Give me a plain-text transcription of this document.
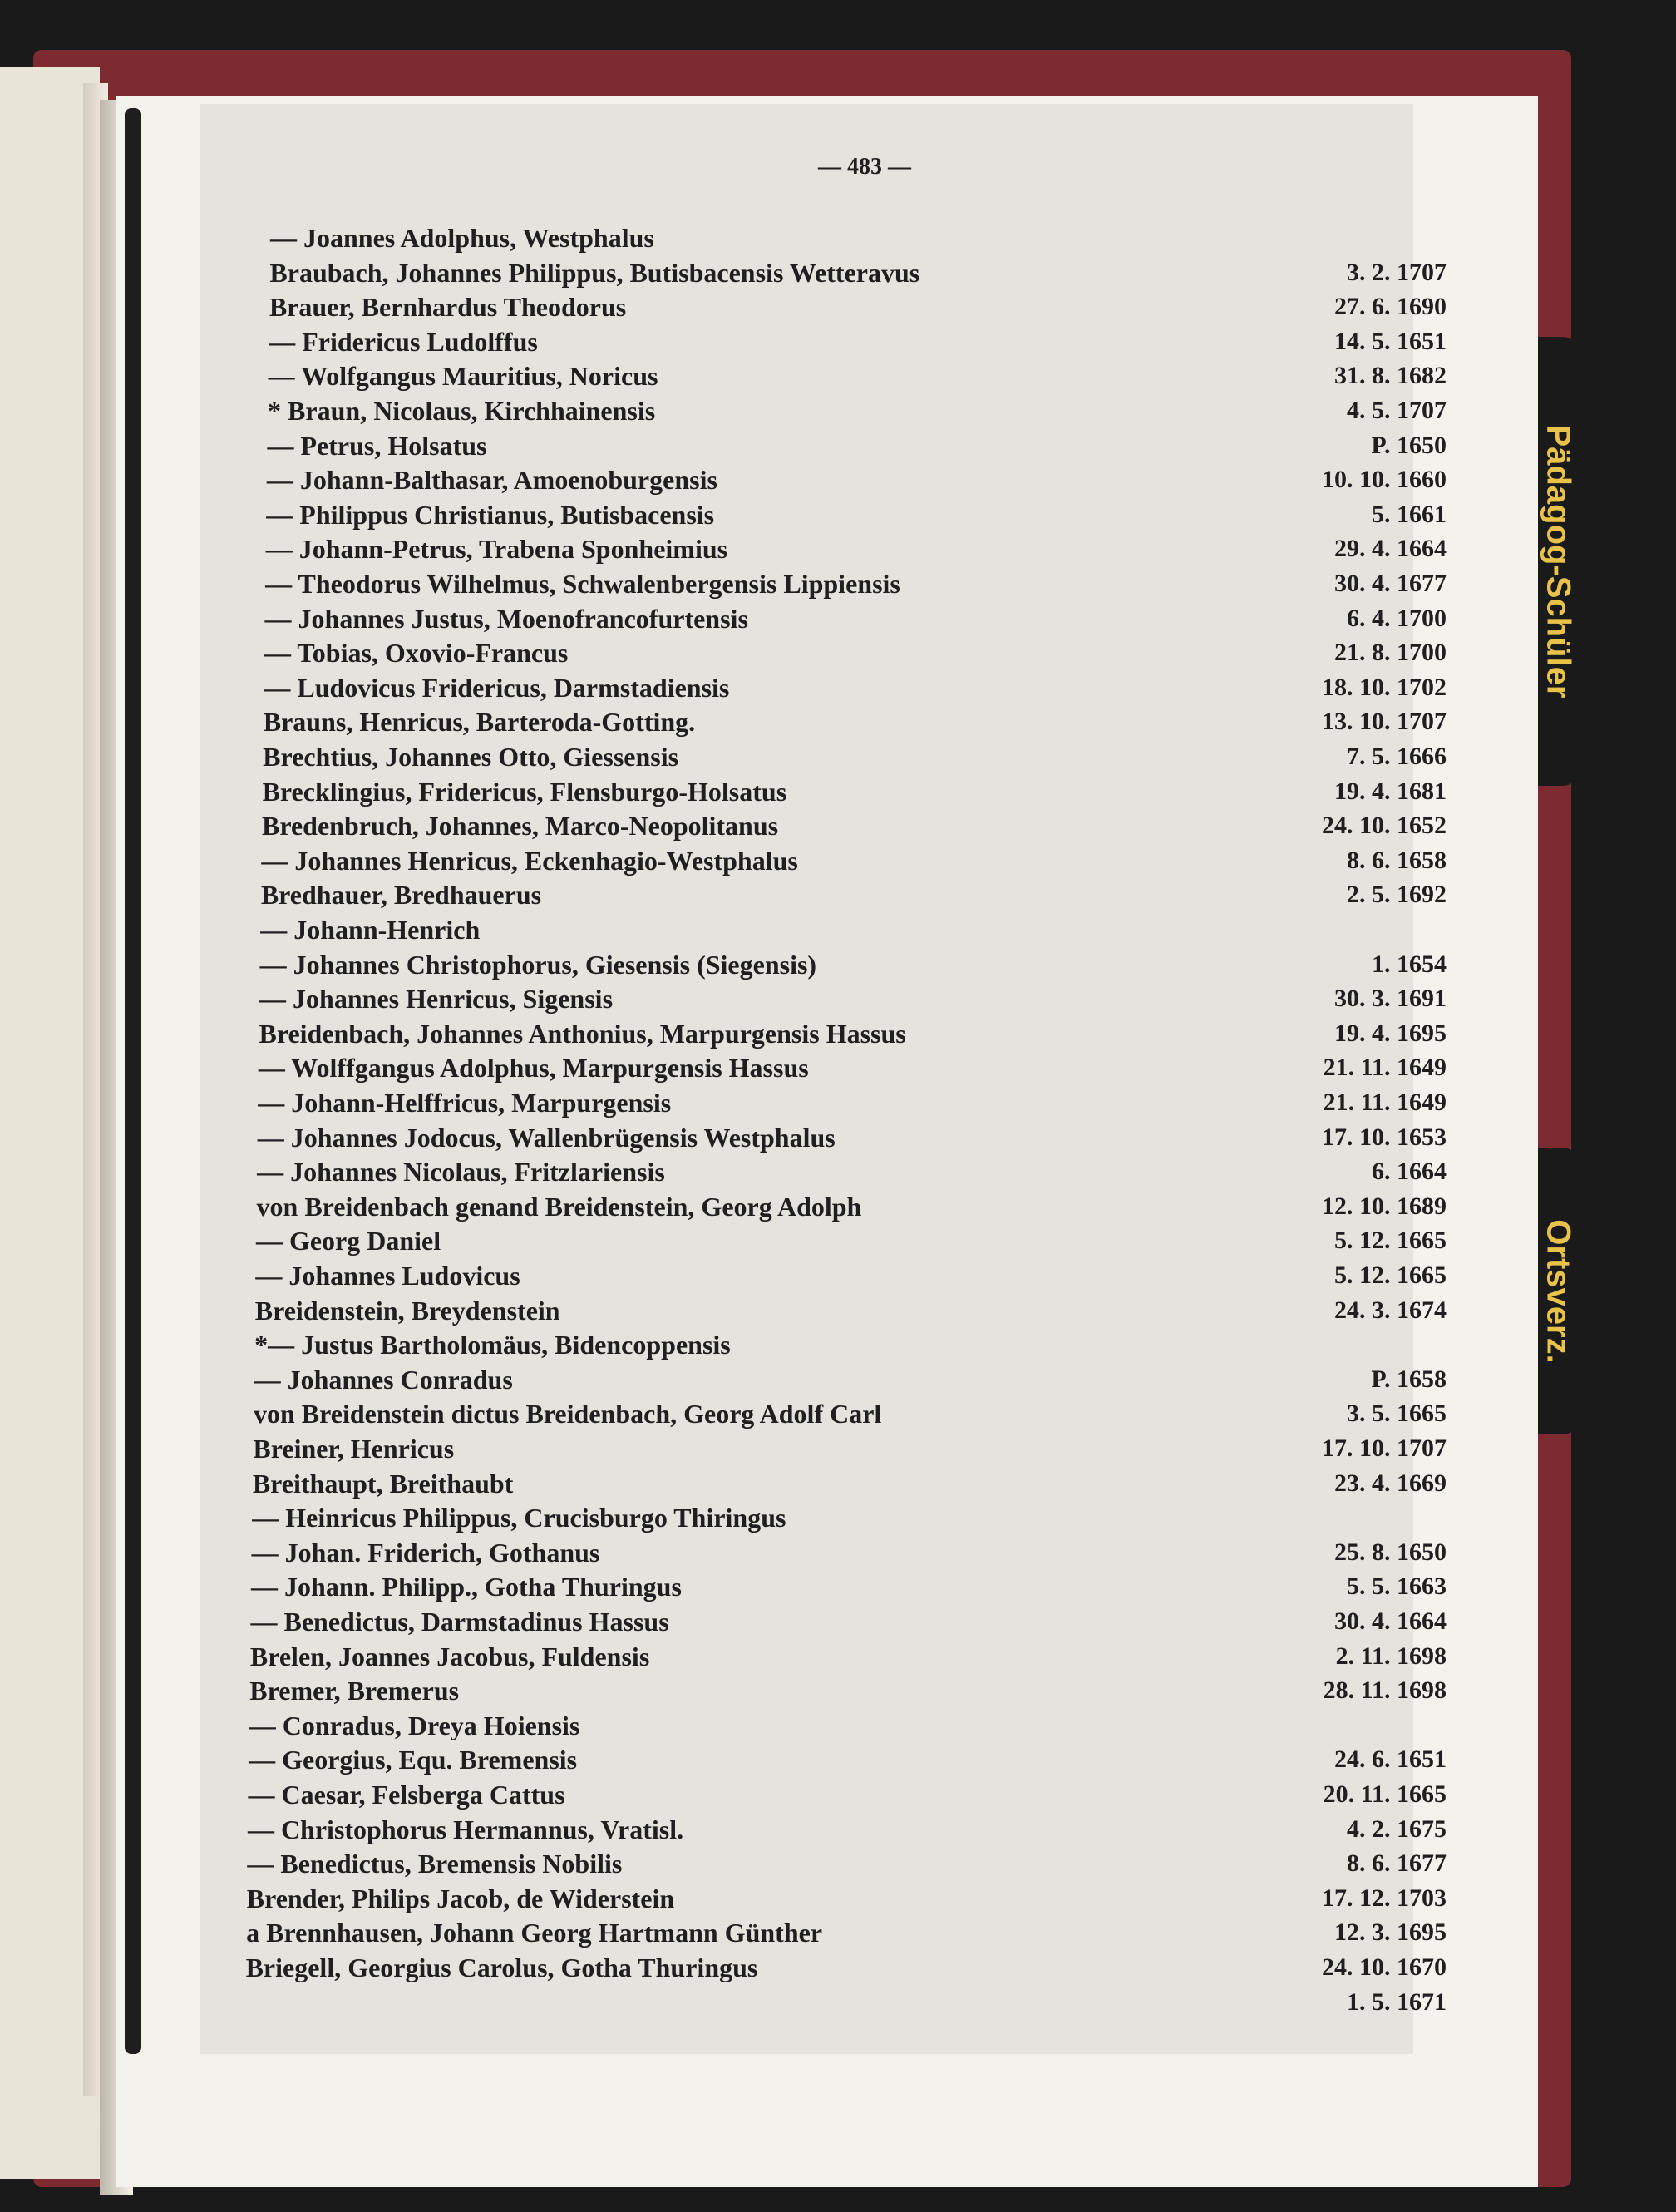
Pädagog-Schüler
Ortsverz.
— 483 —
— Joannes Adolphus, Westphalus
Braubach, Johannes Philippus, Butisbacensis Wetteravus	3. 2. 1707
Brauer, Bernhardus Theodorus	27. 6. 1690
— Fridericus Ludolffus	14. 5. 1651
— Wolfgangus Mauritius, Noricus	31. 8. 1682
* Braun, Nicolaus, Kirchhainensis	4. 5. 1707
— Petrus, Holsatus	P. 1650
— Johann-Balthasar, Amoenoburgensis	10. 10. 1660
— Philippus Christianus, Butisbacensis	5. 1661
— Johann-Petrus, Trabena Sponheimius	29. 4. 1664
— Theodorus Wilhelmus, Schwalenbergensis Lippiensis	30. 4. 1677
— Johannes Justus, Moenofrancofurtensis	6. 4. 1700
— Tobias, Oxovio-Francus	21. 8. 1700
— Ludovicus Fridericus, Darmstadiensis	18. 10. 1702
Brauns, Henricus, Barteroda-Gotting.	13. 10. 1707
Brechtius, Johannes Otto, Giessensis	7. 5. 1666
Brecklingius, Fridericus, Flensburgo-Holsatus	19. 4. 1681
Bredenbruch, Johannes, Marco-Neopolitanus	24. 10. 1652
— Johannes Henricus, Eckenhagio-Westphalus	8. 6. 1658
Bredhauer, Bredhauerus	2. 5. 1692
— Johann-Henrich
— Johannes Christophorus, Giesensis (Siegensis)	1. 1654
— Johannes Henricus, Sigensis	30. 3. 1691
Breidenbach, Johannes Anthonius, Marpurgensis Hassus	19. 4. 1695
— Wolffgangus Adolphus, Marpurgensis Hassus	21. 11. 1649
— Johann-Helffricus, Marpurgensis	21. 11. 1649
— Johannes Jodocus, Wallenbrügensis Westphalus	17. 10. 1653
— Johannes Nicolaus, Fritzlariensis	6. 1664
von Breidenbach genand Breidenstein, Georg Adolph	12. 10. 1689
— Georg Daniel	5. 12. 1665
— Johannes Ludovicus	5. 12. 1665
Breidenstein, Breydenstein	24. 3. 1674
*— Justus Bartholomäus, Bidencoppensis
— Johannes Conradus	P. 1658
von Breidenstein dictus Breidenbach, Georg Adolf Carl	3. 5. 1665
Breiner, Henricus	17. 10. 1707
Breithaupt, Breithaubt	23. 4. 1669
— Heinricus Philippus, Crucisburgo Thiringus
— Johan. Friderich, Gothanus	25. 8. 1650
— Johann. Philipp., Gotha Thuringus	5. 5. 1663
— Benedictus, Darmstadinus Hassus	30. 4. 1664
Brelen, Joannes Jacobus, Fuldensis	2. 11. 1698
Bremer, Bremerus	28. 11. 1698
— Conradus, Dreya Hoiensis
— Georgius, Equ. Bremensis	24. 6. 1651
— Caesar, Felsberga Cattus	20. 11. 1665
— Christophorus Hermannus, Vratisl.	4. 2. 1675
— Benedictus, Bremensis Nobilis	8. 6. 1677
Brender, Philips Jacob, de Widerstein	17. 12. 1703
a Brennhausen, Johann Georg Hartmann Günther	12. 3. 1695
Briegell, Georgius Carolus, Gotha Thuringus	24. 10. 1670
1. 5. 1671
